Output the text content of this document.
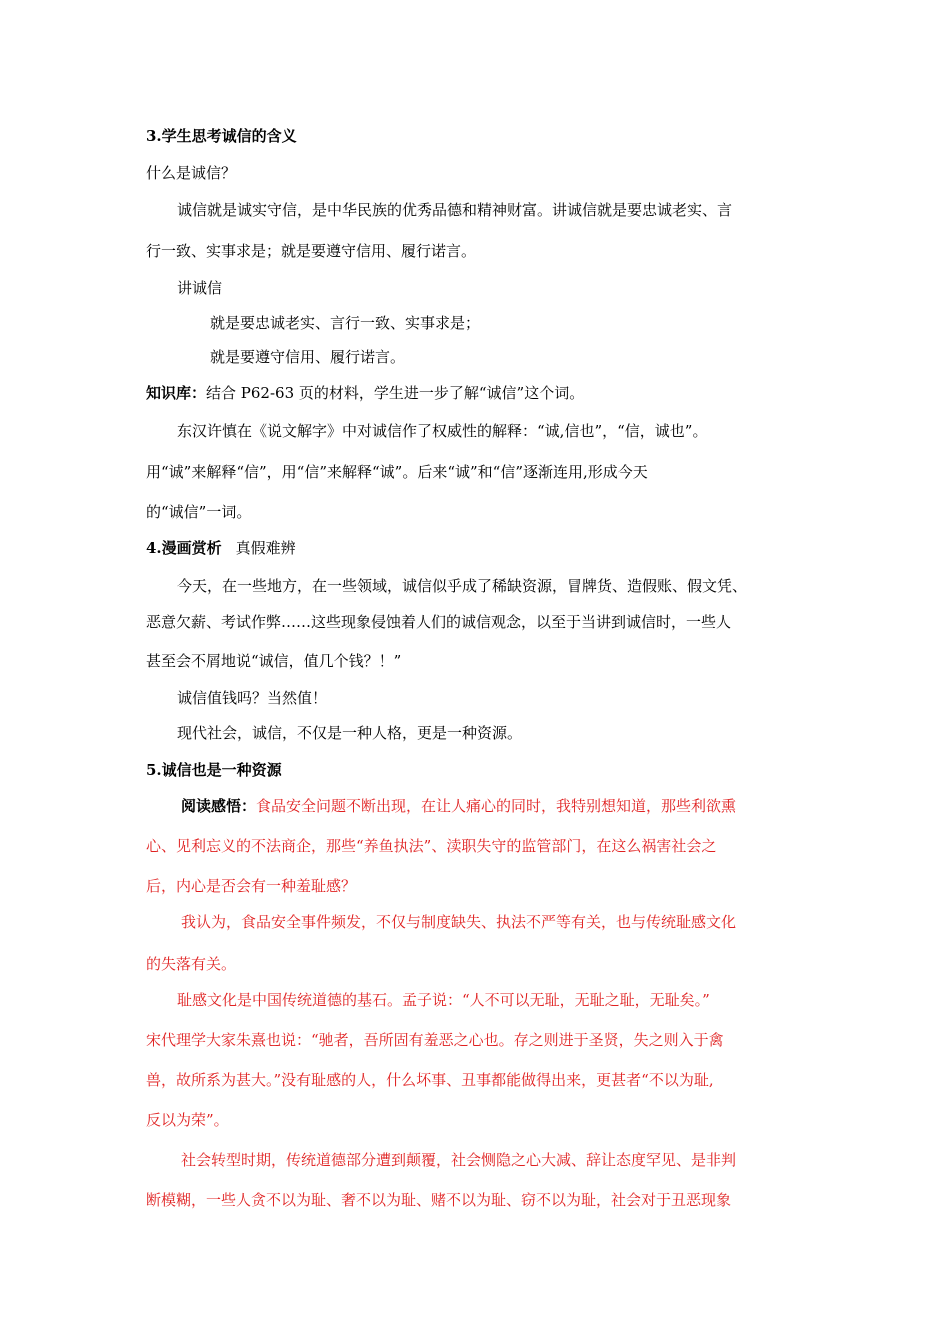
3.学生思考诚信的含义
什么是诚信？
诚信就是诚实守信，是中华民族的优秀品德和精神财富。讲诚信就是要忠诚老实、言
行一致、实事求是；就是要遵守信用、履行诺言。
讲诚信
就是要忠诚老实、言行一致、实事求是；
就是要遵守信用、履行诺言。
知识库：结合 P62-63 页的材料，学生进一步了解“诚信”这个词。
东汉许慎在《说文解字》中对诚信作了权威性的解释：“诚,信也”，“信，诚也”。
用“诚”来解释“信”，用“信”来解释“诚”。后来“诚”和“信”逐渐连用,形成今天
的“诚信”一词。
4.漫画赏析 真假难辨
今天，在一些地方，在一些领域，诚信似乎成了稀缺资源，冒牌货、造假账、假文凭、
恶意欠薪、考试作弊……这些现象侵蚀着人们的诚信观念，以至于当讲到诚信时，一些人
甚至会不屑地说“诚信，值几个钱？！”
诚信值钱吗？当然值！
现代社会，诚信，不仅是一种人格，更是一种资源。
5.诚信也是一种资源
阅读感悟：食品安全问题不断出现，在让人痛心的同时，我特别想知道，那些利欲熏
心、见利忘义的不法商企，那些“养鱼执法”、渎职失守的监管部门，在这么祸害社会之
后，内心是否会有一种羞耻感？
我认为，食品安全事件频发，不仅与制度缺失、执法不严等有关，也与传统耻感文化
的失落有关。
耻感文化是中国传统道德的基石。孟子说：“人不可以无耻，无耻之耻，无耻矣。”
宋代理学大家朱熹也说：“驰者，吾所固有羞恶之心也。存之则进于圣贤，失之则入于禽
兽，故所系为甚大。”没有耻感的人，什么坏事、丑事都能做得出来，更甚者“不以为耻,
反以为荣”。
社会转型时期，传统道德部分遭到颠覆，社会恻隐之心大减、辞让态度罕见、是非判
断模糊，一些人贪不以为耻、奢不以为耻、赌不以为耻、窃不以为耻，社会对于丑恶现象
